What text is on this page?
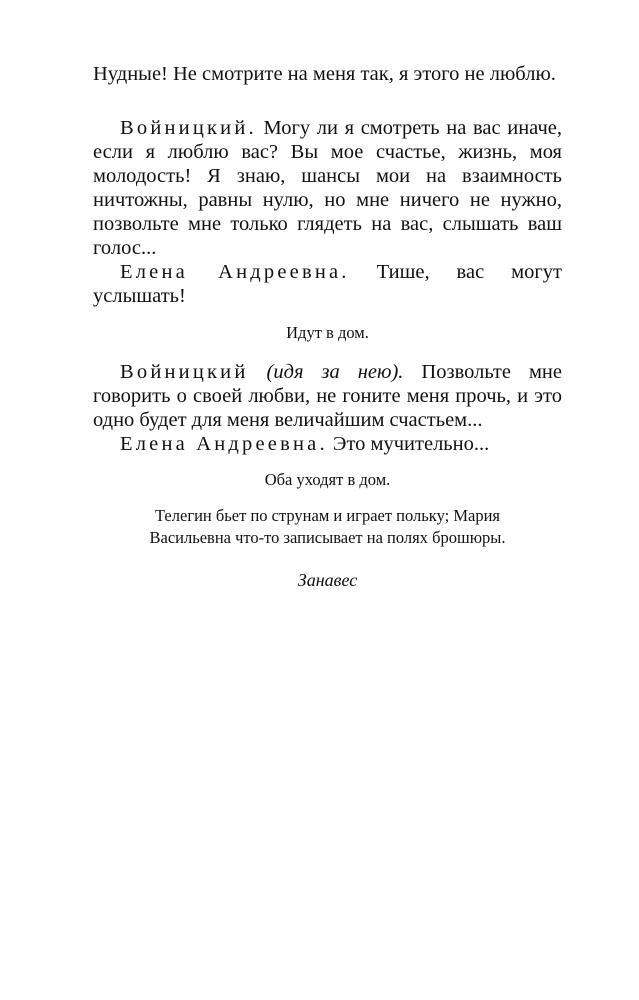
Нудные! Не смотрите на меня так, я этого не люблю.

Войницкий. Могу ли я смотреть на вас иначе, если я люблю вас? Вы мое счастье, жизнь, моя молодость! Я знаю, шансы мои на взаимность ничтожны, равны нулю, но мне ничего не нужно, позвольте мне только глядеть на вас, слышать ваш голос...

Елена Андреевна. Тише, вас могут услышать!

Идут в дом.

Войницкий (идя за нею). Позвольте мне говорить о своей любви, не гоните меня прочь, и это одно будет для меня величайшим счастьем...

Елена Андреевна. Это мучительно...

Оба уходят в дом.

Телегин бьет по струнам и играет польку; Мария

Васильевна что-то записывает на полях брошюры.

Занавес
